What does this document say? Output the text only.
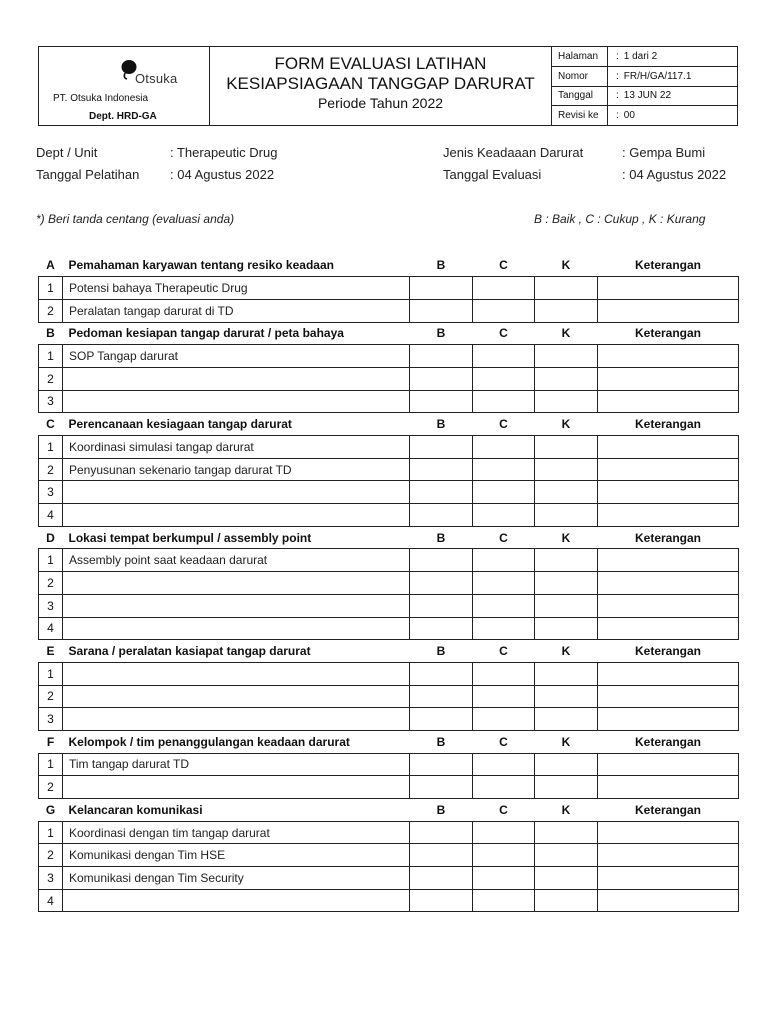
Otsuka
PT. Otsuka Indonesia
Dept. HRD-GA
FORM EVALUASI LATIHAN
KESIAPSIAGAAN TANGGAP DARURAT
Periode Tahun 2022
Halaman	: 1 dari 2
Nomor	: FR/H/GA/117.1
Tanggal	: 13 JUN 22
Revisi ke	: 00
Dept / Unit	: Therapeutic Drug
Tanggal Pelatihan : 04 Agustus 2022
Jenis Keadaaan Darurat	: Gempa Bumi
Tanggal Evaluasi	: 04 Agustus 2022
*) Beri tanda centang (evaluasi anda)	B : Baik , C : Cukup , K : Kurang
A	Pemahaman karyawan tentang resiko keadaan	B	C	K	Keterangan
1	Potensi bahaya Therapeutic Drug				
2	Peralatan tangap darurat di TD				
B	Pedoman kesiapan tangap darurat / peta bahaya	B	C	K	Keterangan
1	SOP Tangap darurat				
2					
3					
C	Perencanaan kesiagaan tangap darurat	B	C	K	Keterangan
1	Koordinasi simulasi tangap darurat				
2	Penyusunan sekenario tangap darurat TD				
3					
4					
D	Lokasi tempat berkumpul / assembly point	B	C	K	Keterangan
1	Assembly point saat keadaan darurat				
2					
3					
4					
E	Sarana / peralatan kasiapat tangap darurat	B	C	K	Keterangan
1					
2					
3					
F	Kelompok / tim penanggulangan keadaan darurat	B	C	K	Keterangan
1	Tim tangap darurat TD				
2					
G	Kelancaran komunikasi	B	C	K	Keterangan
1	Koordinasi dengan tim tangap darurat				
2	Komunikasi dengan Tim HSE				
3	Komunikasi dengan Tim Security				
4					
